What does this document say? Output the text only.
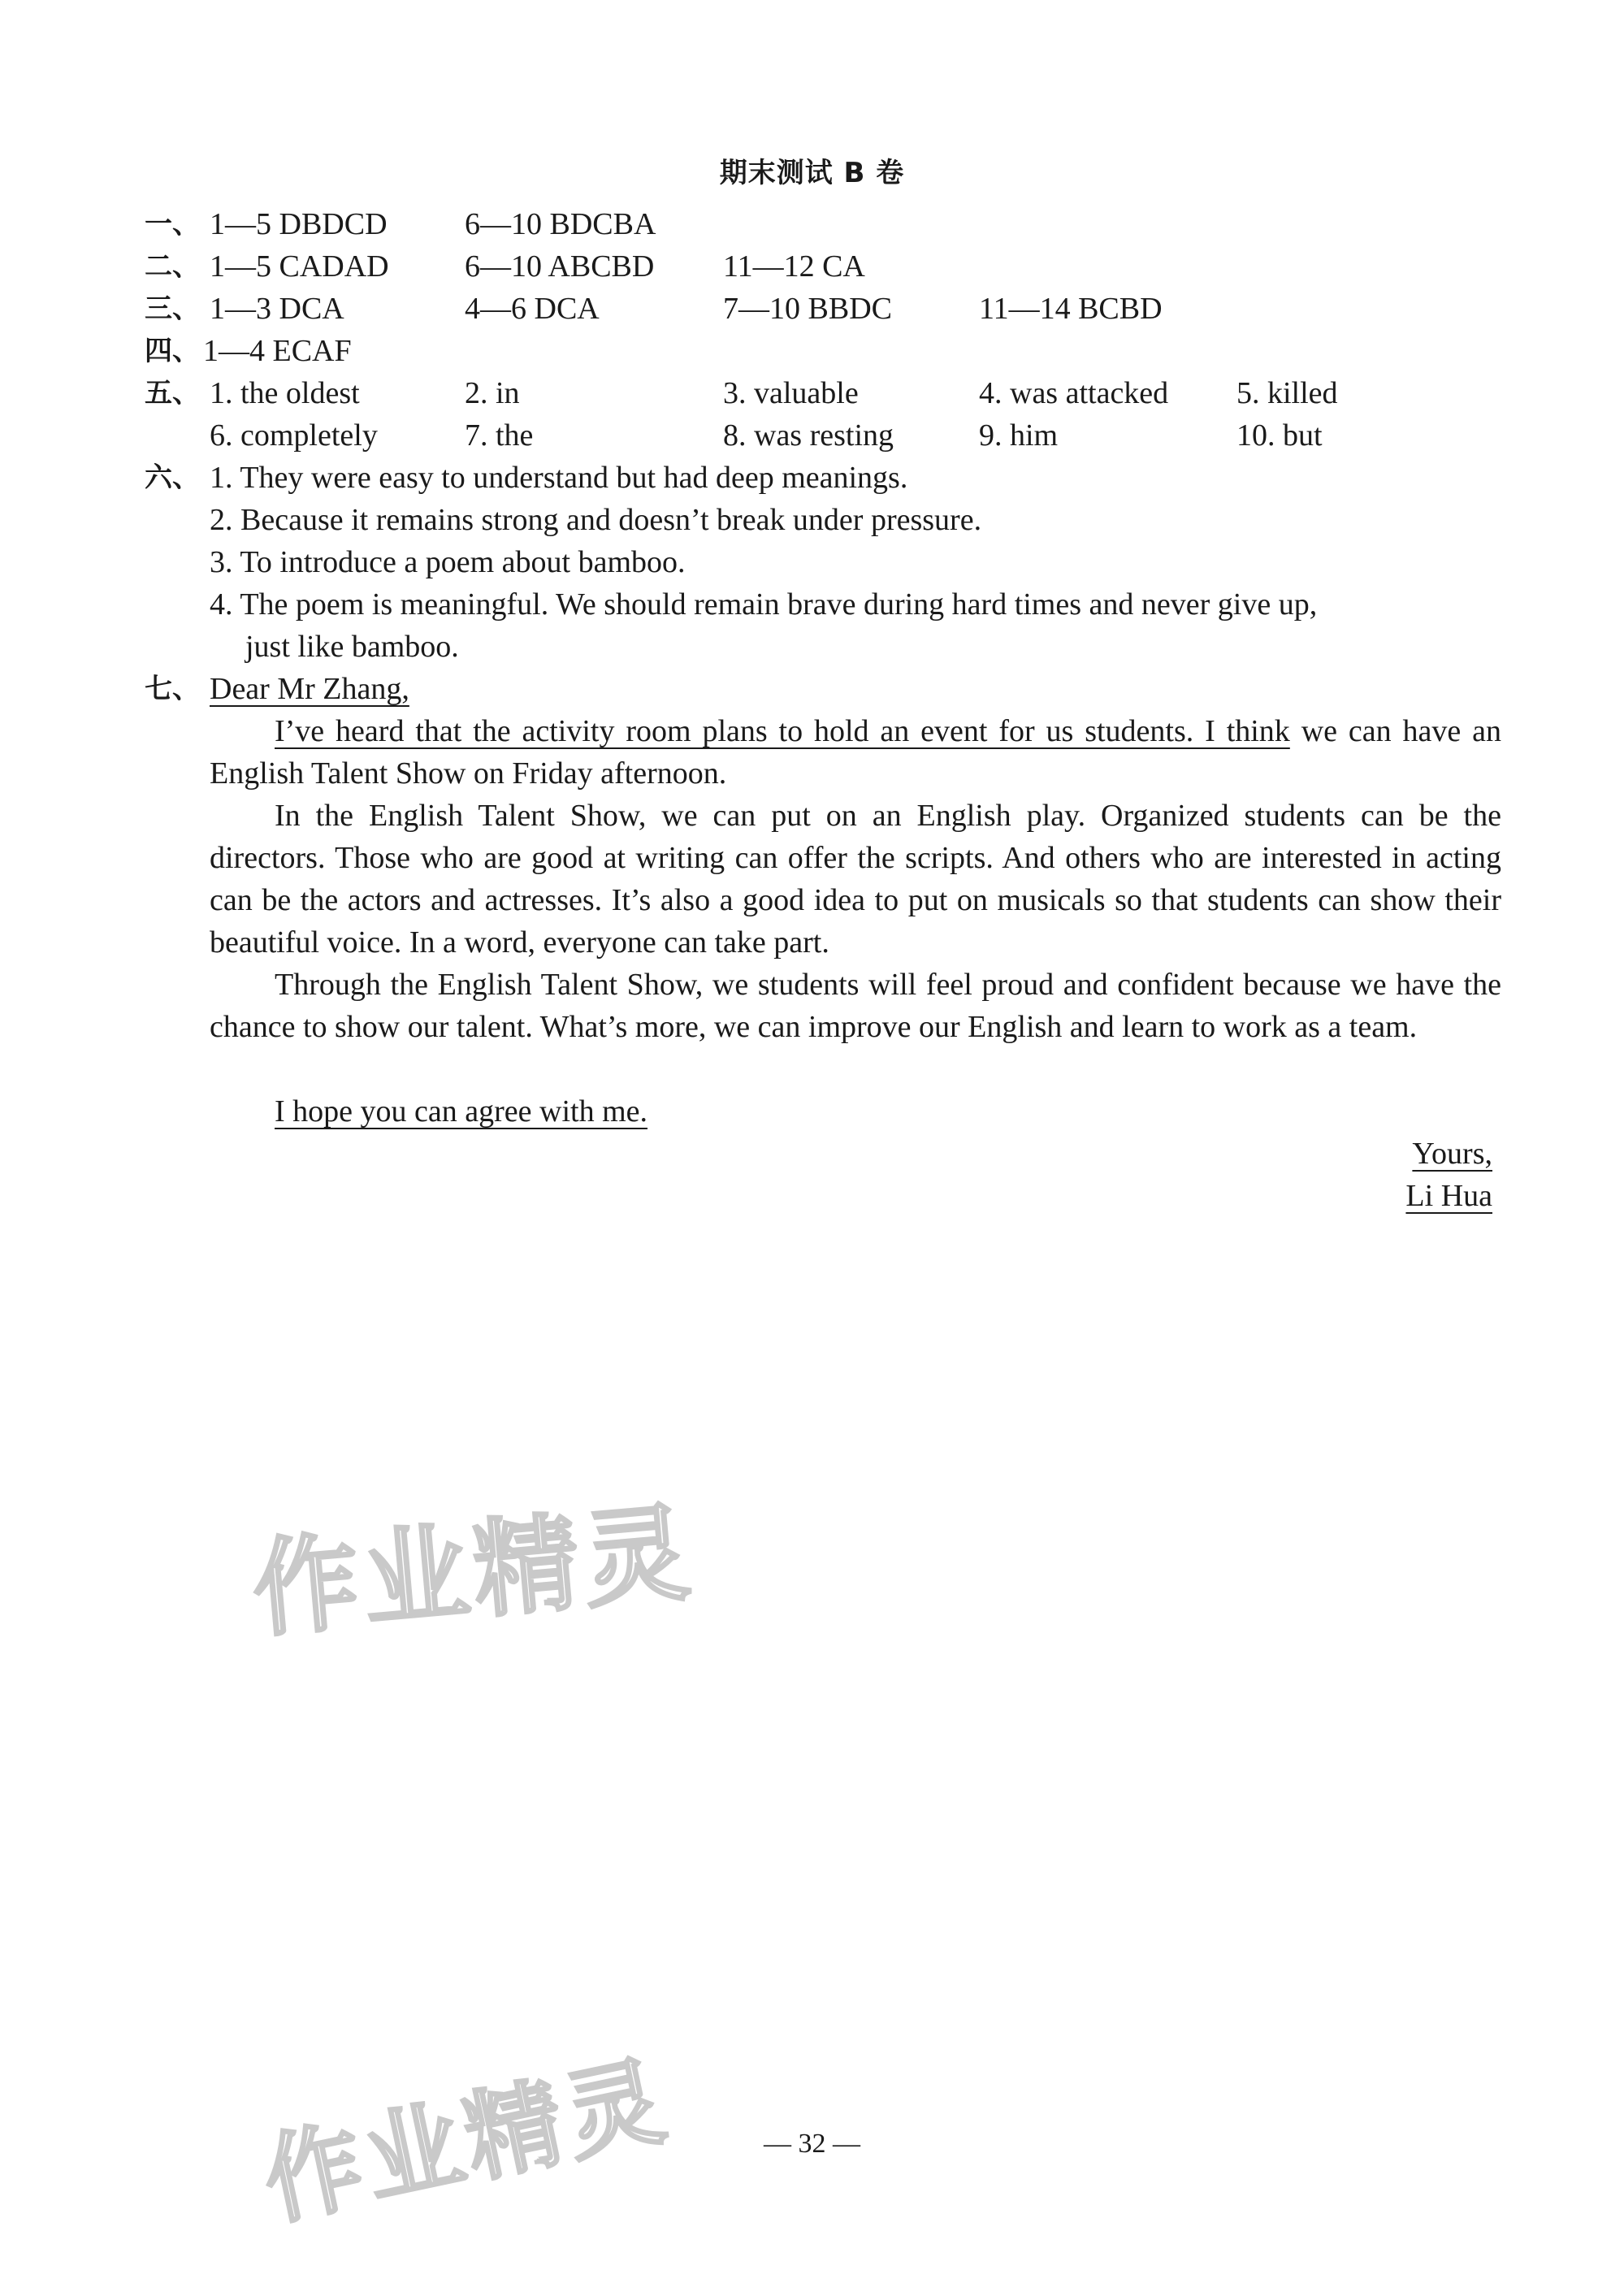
期末测试 B 卷
一、 1—5 DBDCD	6—10 BDCBA
二、 1—5 CADAD 6—10 ABCBD 11—12 CA
三、 1—3 DCA	4—6 DCA	7—10 BBDC	11—14 BCBD
四、 1—4 ECAF
五、 1. the oldest	2. in	3. valuable	4. was attacked 5. killed
6. completely	7. the	8. was resting	9. him	10. but
六、 1. They were easy to understand but had deep meanings.
2. Because it remains strong and doesn’t break under pressure.
3. To introduce a poem about bamboo.
4. The poem is meaningful. We should remain brave during hard times and never give up,
just like bamboo.
七、 Dear Mr Zhang,
I’ve heard that the activity room plans to hold an event for us students. I think we can have an English Talent Show on Friday afternoon.
In the English Talent Show, we can put on an English play. Organized students can be the directors. Those who are good at writing can offer the scripts. And others who are interested in acting can be the actors and actresses. It’s also a good idea to put on musicals so that students can show their beautiful voice. In a word, everyone can take part.
Through the English Talent Show, we students will feel proud and confident because we have the chance to show our talent. What’s more, we can improve our English and learn to work as a team.
I hope you can agree with me.
Yours,
Li Hua
作业精灵
作业精灵	— 32 —
